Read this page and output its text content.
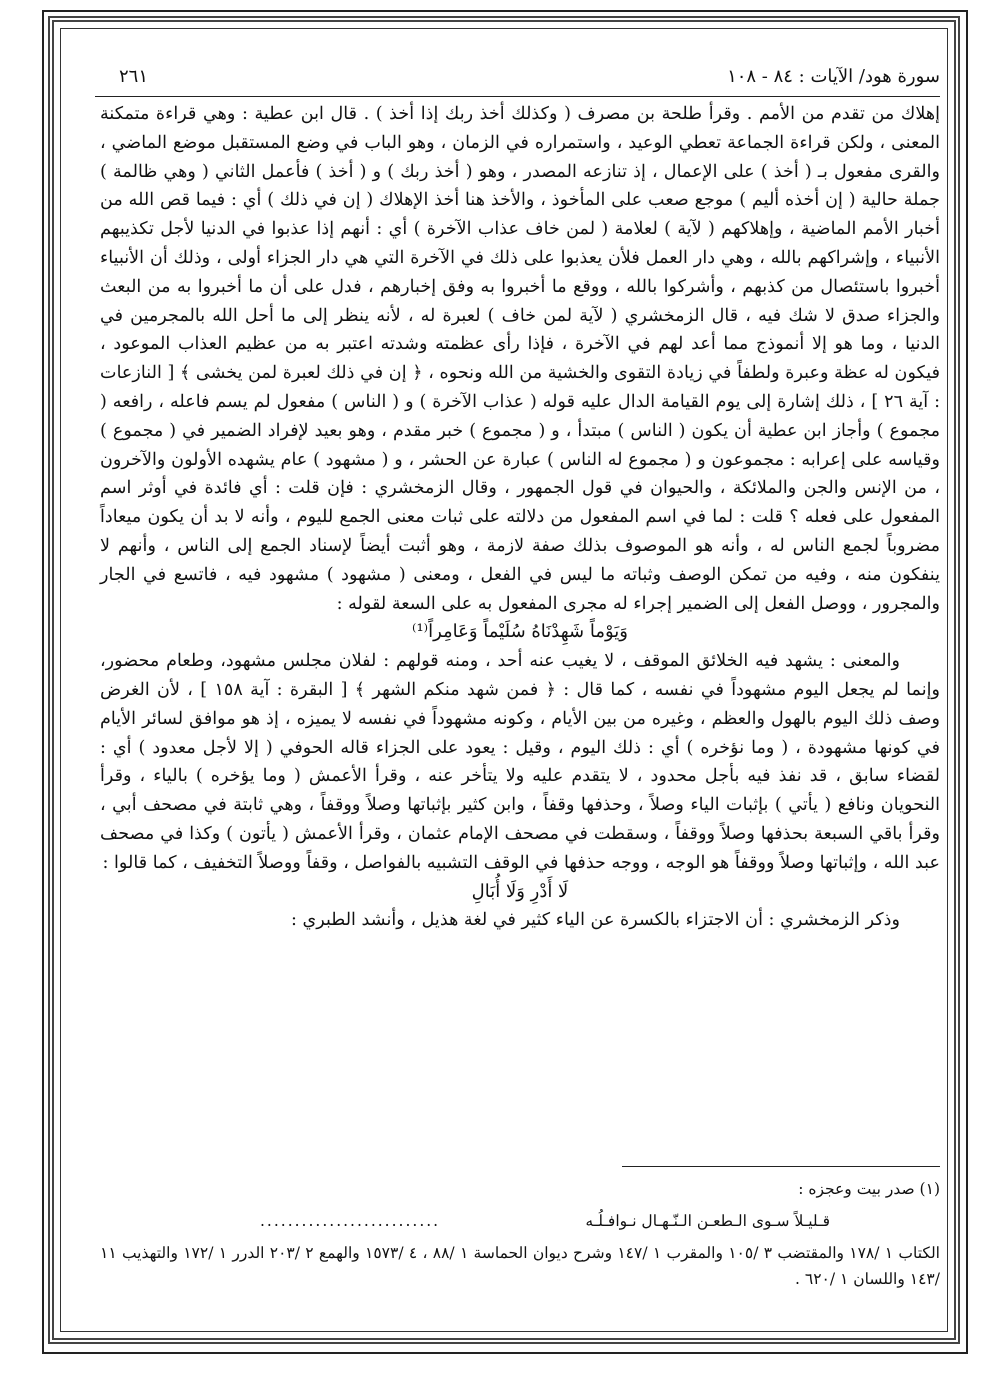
سورة هود/ الآيات : ٨٤ - ١٠٨
٢٦١

إهلاك من تقدم من الأمم . وقرأ طلحة بن مصرف ( وكذلك أخذ ربك إذا أخذ ) . قال ابن عطية : وهي قراءة متمكنة المعنى ، ولكن قراءة الجماعة تعطي الوعيد ، واستمراره في الزمان ، وهو الباب في وضع المستقبل موضع الماضي ، والقرى مفعول بـ ( أخذ ) على الإعمال ، إذ تنازعه المصدر ، وهو ( أخذ ربك ) و ( أخذ ) فأعمل الثاني ( وهي ظالمة ) جملة حالية ( إن أخذه أليم ) موجع صعب على المأخوذ ، والأخذ هنا أخذ الإهلاك ( إن في ذلك ) أي : فيما قص الله من أخبار الأمم الماضية ، وإهلاكهم ( لآية ) لعلامة ( لمن خاف عذاب الآخرة ) أي : أنهم إذا عذبوا في الدنيا لأجل تكذيبهم الأنبياء ، وإشراكهم بالله ، وهي دار العمل فلأن يعذبوا على ذلك في الآخرة التي هي دار الجزاء أولى ، وذلك أن الأنبياء أخبروا باستئصال من كذبهم ، وأشركوا بالله ، ووقع ما أخبروا به وفق إخبارهم ، فدل على أن ما أخبروا به من البعث والجزاء صدق لا شك فيه ، قال الزمخشري ( لآية لمن خاف ) لعبرة له ، لأنه ينظر إلى ما أحل الله بالمجرمين في الدنيا ، وما هو إلا أنموذج مما أعد لهم في الآخرة ، فإذا رأى عظمته وشدته اعتبر به من عظيم العذاب الموعود ، فيكون له عظة وعبرة ولطفاً في زيادة التقوى والخشية من الله ونحوه ، ﴿ إن في ذلك لعبرة لمن يخشى ﴾ [ النازعات : آية ٢٦ ] ، ذلك إشارة إلى يوم القيامة الدال عليه قوله ( عذاب الآخرة ) و ( الناس ) مفعول لم يسم فاعله ، رافعه ( مجموع ) وأجاز ابن عطية أن يكون ( الناس ) مبتدأ ، و ( مجموع ) خبر مقدم ، وهو بعيد لإفراد الضمير في ( مجموع ) وقياسه على إعرابه : مجموعون و ( مجموع له الناس ) عبارة عن الحشر ، و ( مشهود ) عام يشهده الأولون والآخرون ، من الإنس والجن والملائكة ، والحيوان في قول الجمهور ، وقال الزمخشري : فإن قلت : أي فائدة في أوثر اسم المفعول على فعله ؟ قلت : لما في اسم المفعول من دلالته على ثبات معنى الجمع لليوم ، وأنه لا بد أن يكون ميعاداً مضروباً لجمع الناس له ، وأنه هو الموصوف بذلك صفة لازمة ، وهو أثبت أيضاً لإسناد الجمع إلى الناس ، وأنهم لا ينفكون منه ، وفيه من تمكن الوصف وثباته ما ليس في الفعل ، ومعنى ( مشهود ) مشهود فيه ، فاتسع في الجار والمجرور ، ووصل الفعل إلى الضمير إجراء له مجرى المفعول به على السعة لقوله :

وَيَوْماً شَهِدْنَاهُ سُلَيْماً وَعَامِراً⁽¹⁾

والمعنى : يشهد فيه الخلائق الموقف ، لا يغيب عنه أحد ، ومنه قولهم : لفلان مجلس مشهود، وطعام محضور، وإنما لم يجعل اليوم مشهوداً في نفسه ، كما قال : ﴿ فمن شهد منكم الشهر ﴾ [ البقرة : آية ١٥٨ ] ، لأن الغرض وصف ذلك اليوم بالهول والعظم ، وغيره من بين الأيام ، وكونه مشهوداً في نفسه لا يميزه ، إذ هو موافق لسائر الأيام في كونها مشهودة ، ( وما نؤخره ) أي : ذلك اليوم ، وقيل : يعود على الجزاء قاله الحوفي ( إلا لأجل معدود ) أي : لقضاء سابق ، قد نفذ فيه بأجل محدود ، لا يتقدم عليه ولا يتأخر عنه ، وقرأ الأعمش ( وما يؤخره ) بالياء ، وقرأ النحويان ونافع ( يأتي ) بإثبات الياء وصلاً ، وحذفها وقفاً ، وابن كثير بإثباتها وصلاً ووقفاً ، وهي ثابتة في مصحف أبي ، وقرأ باقي السبعة بحذفها وصلاً ووقفاً ، وسقطت في مصحف الإمام عثمان ، وقرأ الأعمش ( يأتون ) وكذا في مصحف عبد الله ، وإثباتها وصلاً ووقفاً هو الوجه ، ووجه حذفها في الوقف التشبيه بالفواصل ، وقفاً ووصلاً التخفيف ، كما قالوا :

لَا أَدْرِ وَلَا أُبَالِ

وذكر الزمخشري : أن الاجتزاء بالكسرة عن الياء كثير في لغة هذيل ، وأنشد الطبري :

(١) صدر بيت وعجزه :

قـليـلاً سـوى الـطعـن الـنّـهـال نـوافـلُـه
..........................

الكتاب ١ /١٧٨ والمقتضب ٣ /١٠٥ والمقرب ١ /١٤٧ وشرح ديوان الحماسة ١ /٨٨ ، ٤ /١٥٧٣ والهمع ٢ /٢٠٣ الدرر ١ /١٧٢ والتهذيب ١١ /١٤٣ واللسان ١ /٦٢٠ .
